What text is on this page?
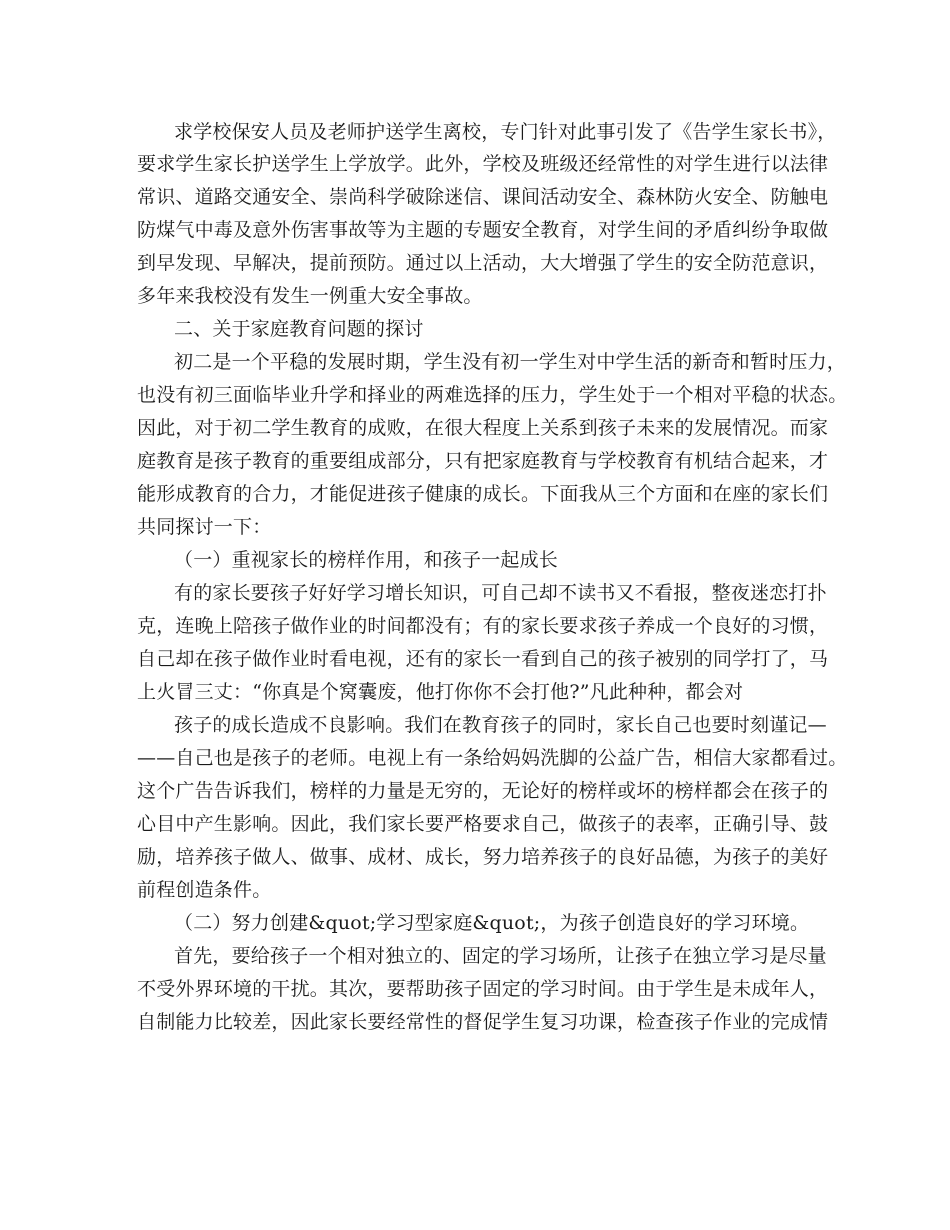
求学校保安人员及老师护送学生离校，专门针对此事引发了《告学生家长书》，
要求学生家长护送学生上学放学。此外，学校及班级还经常性的对学生进行以法律
常识、道路交通安全、崇尚科学破除迷信、课间活动安全、森林防火安全、防触电
防煤气中毒及意外伤害事故等为主题的专题安全教育，对学生间的矛盾纠纷争取做
到早发现、早解决，提前预防。通过以上活动，大大增强了学生的安全防范意识，
多年来我校没有发生一例重大安全事故。
二、关于家庭教育问题的探讨
初二是一个平稳的发展时期，学生没有初一学生对中学生活的新奇和暂时压力，
也没有初三面临毕业升学和择业的两难选择的压力，学生处于一个相对平稳的状态。
因此，对于初二学生教育的成败，在很大程度上关系到孩子未来的发展情况。而家
庭教育是孩子教育的重要组成部分，只有把家庭教育与学校教育有机结合起来，才
能形成教育的合力，才能促进孩子健康的成长。下面我从三个方面和在座的家长们
共同探讨一下：
（一）重视家长的榜样作用，和孩子一起成长
有的家长要孩子好好学习增长知识，可自己却不读书又不看报，整夜迷恋打扑
克，连晚上陪孩子做作业的时间都没有；有的家长要求孩子养成一个良好的习惯，
自己却在孩子做作业时看电视，还有的家长一看到自己的孩子被别的同学打了，马
上火冒三丈：“你真是个窝囊废，他打你你不会打他?”凡此种种，都会对
孩子的成长造成不良影响。我们在教育孩子的同时，家长自己也要时刻谨记—
——自己也是孩子的老师。电视上有一条给妈妈洗脚的公益广告，相信大家都看过。
这个广告告诉我们，榜样的力量是无穷的，无论好的榜样或坏的榜样都会在孩子的
心目中产生影响。因此，我们家长要严格要求自己，做孩子的表率，正确引导、鼓
励，培养孩子做人、做事、成材、成长，努力培养孩子的良好品德，为孩子的美好
前程创造条件。
（二）努力创建&quot;学习型家庭&quot;，为孩子创造良好的学习环境。
首先，要给孩子一个相对独立的、固定的学习场所，让孩子在独立学习是尽量
不受外界环境的干扰。其次，要帮助孩子固定的学习时间。由于学生是未成年人，
自制能力比较差，因此家长要经常性的督促学生复习功课，检查孩子作业的完成情
